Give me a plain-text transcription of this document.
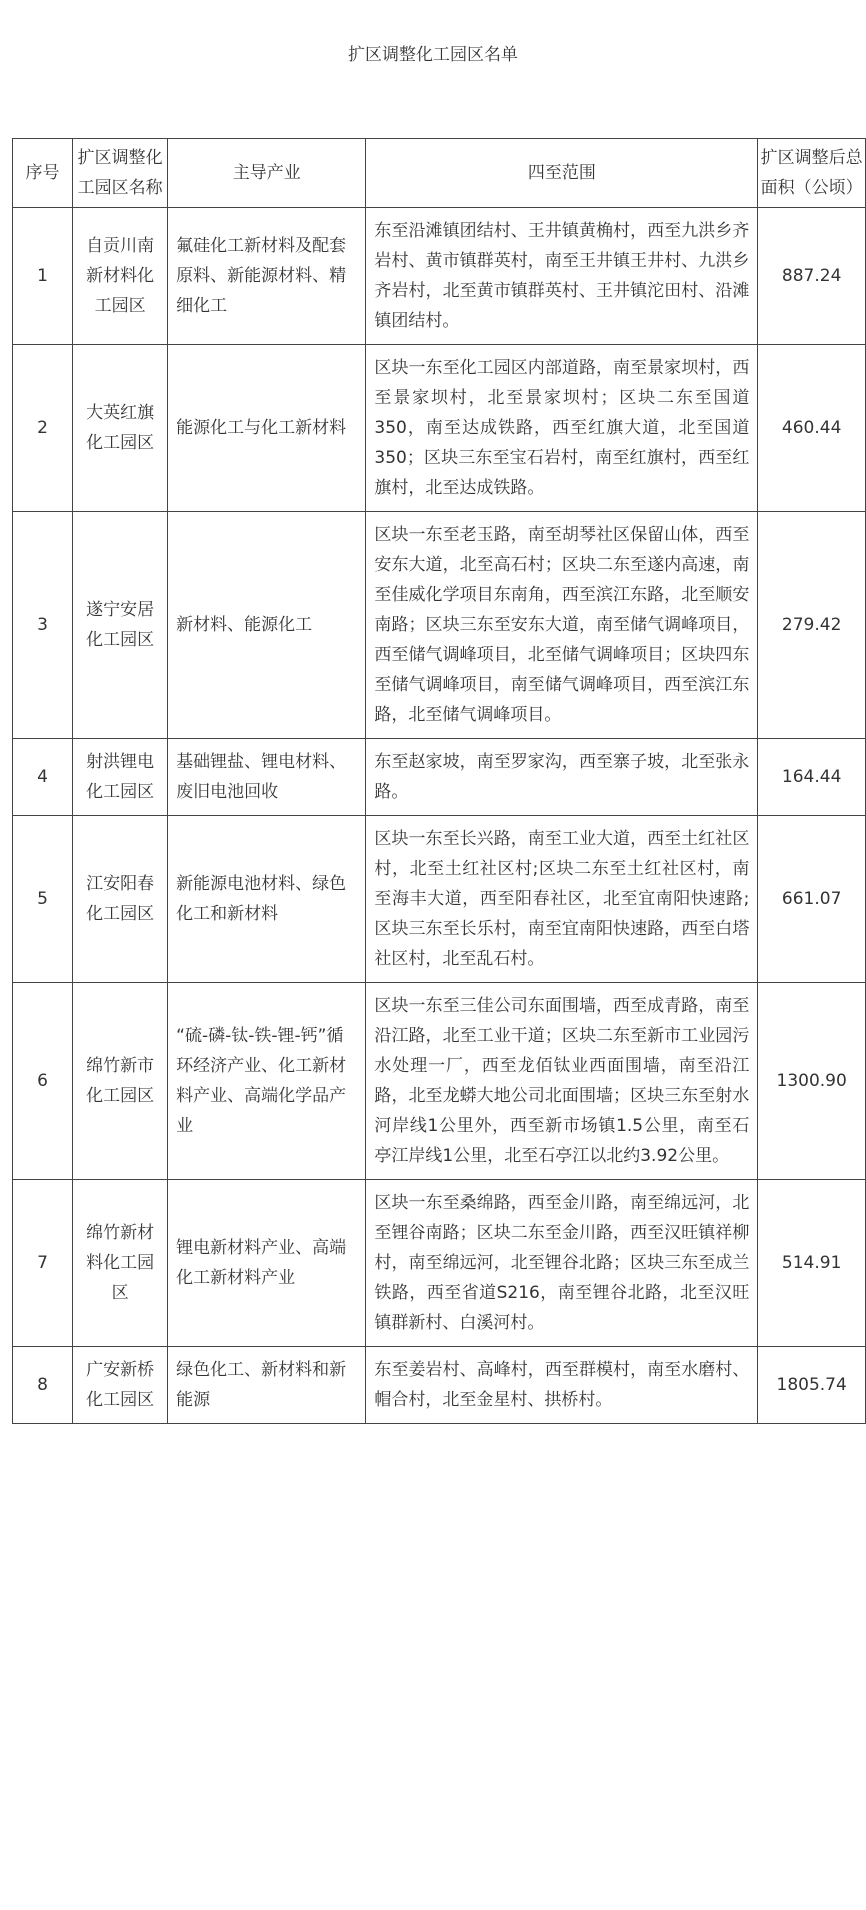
扩区调整化工园区名单
序号	扩区调整化工园区名称	主导产业	四至范围	扩区调整后总面积（公顷）
1	自贡川南新材料化工园区	氟硅化工新材料及配套原料、新能源材料、精细化工	东至沿滩镇团结村、王井镇黄桷村，西至九洪乡齐岩村、黄市镇群英村，南至王井镇王井村、九洪乡齐岩村，北至黄市镇群英村、王井镇沱田村、沿滩镇团结村。	887.24
2	大英红旗化工园区	能源化工与化工新材料	区块一东至化工园区内部道路，南至景家坝村，西至景家坝村，北至景家坝村；区块二东至国道350，南至达成铁路，西至红旗大道，北至国道350；区块三东至宝石岩村，南至红旗村，西至红旗村，北至达成铁路。	460.44
3	遂宁安居化工园区	新材料、能源化工	区块一东至老玉路，南至胡琴社区保留山体，西至安东大道，北至高石村；区块二东至遂内高速，南至佳威化学项目东南角，西至滨江东路，北至顺安南路；区块三东至安东大道，南至储气调峰项目，西至储气调峰项目，北至储气调峰项目；区块四东至储气调峰项目，南至储气调峰项目，西至滨江东路，北至储气调峰项目。	279.42
4	射洪锂电化工园区	基础锂盐、锂电材料、废旧电池回收	东至赵家坡，南至罗家沟，西至寨子坡，北至张永路。	164.44
5	江安阳春化工园区	新能源电池材料、绿色化工和新材料	区块一东至长兴路，南至工业大道，西至土红社区村，北至土红社区村;区块二东至土红社区村，南至海丰大道，西至阳春社区，北至宜南阳快速路;区块三东至长乐村，南至宜南阳快速路，西至白塔社区村，北至乱石村。	661.07
6	绵竹新市化工园区	“硫-磷-钛-铁-锂-钙”循环经济产业、化工新材料产业、高端化学品产业	区块一东至三佳公司东面围墙，西至成青路，南至沿江路，北至工业干道；区块二东至新市工业园污水处理一厂，西至龙佰钛业西面围墙，南至沿江路，北至龙蟒大地公司北面围墙；区块三东至射水河岸线1公里外，西至新市场镇1.5公里，南至石亭江岸线1公里，北至石亭江以北约3.92公里。	1300.90
7	绵竹新材料化工园区	锂电新材料产业、高端化工新材料产业	区块一东至桑绵路，西至金川路，南至绵远河，北至锂谷南路；区块二东至金川路，西至汉旺镇祥柳村，南至绵远河，北至锂谷北路；区块三东至成兰铁路，西至省道S216，南至锂谷北路，北至汉旺镇群新村、白溪河村。	514.91
8	广安新桥化工园区	绿色化工、新材料和新能源	东至姜岩村、高峰村，西至群模村，南至水磨村、帽合村，北至金星村、拱桥村。	1805.74
